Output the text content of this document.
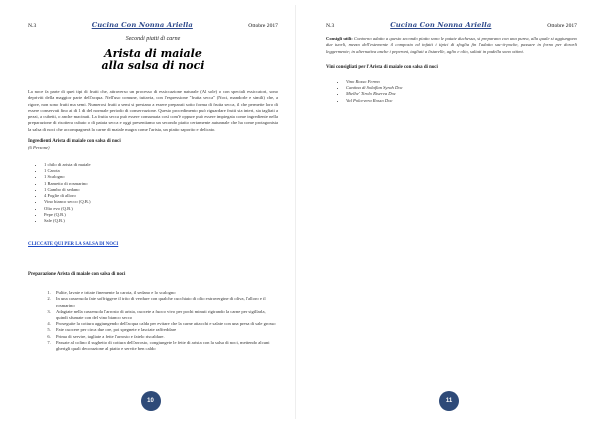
N.3	Cucina Con Nonna Ariella	Ottobre 2017
Secondi piatti di carne
Arista di maiale
alla salsa di noci

La noce fa parte di quei tipi di frutti che, attraverso un processo di essiccazione naturale (Al sole) o con speciali essiccatori, sono depriviti della maggior parte dell'acqua. Nell'uso comune, tuttavia, con l'espressione "frutta secca" (Noci, mandorle e simili) che, a rigore, non sono frutti ma semi. Numerosi frutti a semi si prestano a essere preparati sotto forma di frutta secca, il che permette loro di essere conservati fino ai di 1 di del normale periodo di conservazione. Questo procedimento può riguardare frutti sia interi, sia tagliati a pezzi, a cubetti, o anche macinati. La frutta secca può essere consumata così com'è oppure può essere impiegata come ingrediente nella preparazione di risottera cubato o di patata secca e oggi presentiamo un secondo piatto certamente autunnale che ha come protagonista la salsa di noci che accompagnerà la carne di maiale magra come l'arista, un piatto saporito e delicato.

Ingredienti Arista di maiale con salsa di noci
(6 Persone)
• 1 chilo di arista di maiale
• 1 Carota
• 1 Scalogno
• 1 Rametto di rosmarino
• 1 Gambo di sedano
• 4 Foglie di alloro
• Vino bianco secco (Q.B.)
• Olio evo (Q.B.)
• Pepe (Q.B.)
• Sale (Q.B.)
CLICCATE QUI PER LA SALSA DI NOCI
Preparazione Arista di maiale con salsa di noci
1. Pulite, lavate e tritate finemente la carota, il sedano e lo scalogno
2. In una casseruola fate soffriggere il trito di verdure con qualche cucchiaio di olio extravergine di oliva, l'alloro e il rosmarino
3. Adagiate nella casseruola l'arrosto di arista, cuocete a fuoco vivo per pochi minuti rigirando la carne per sigillarla, quindi sfumate con del vino bianco secco
4. Proseguite la cottura aggiungendo dell'acqua calda per evitare che la carne attacchi e salate con una presa di sale grosso
5. Fate cuocere per circa due ore, poi spegnete e lasciate raffreddare
6. Prima di servire, tagliate a fette l'arrosto e fatelo riscaldare.
7. Passate al colino il sughetto di cottura dell'arrosto, congiungete le fette di arista con la salsa di noci, mettendo alcuni gherigli quali decorazione al piatto e servite ben caldo
10
N.3	Cucina Con Nonna Ariella	Ottobre 2017

Consigli utili: Contorno adatto a questo secondo piatto sono le patate duchessa, si preparano con una purea, alla quale si aggiungono due tuorli, mezzo dell'estemente il composto ed infatti i tipici di sfoglia fin l'adatto sac-à-poche, passare in forno per dorarli leggermente; in alternativa anche i peperoni, tagliati a listarelle, aglio e olio, saltati in padella sono ottimi.

Vini consigliati per l'Arista di maiale con salsa di noci
• Vino Rosso Fermo
• Cantina di Solaflan Syrah Doc
• Mielhe' Tirolo Riserva Doc
• Val Polcevera Rosso Doc
11
